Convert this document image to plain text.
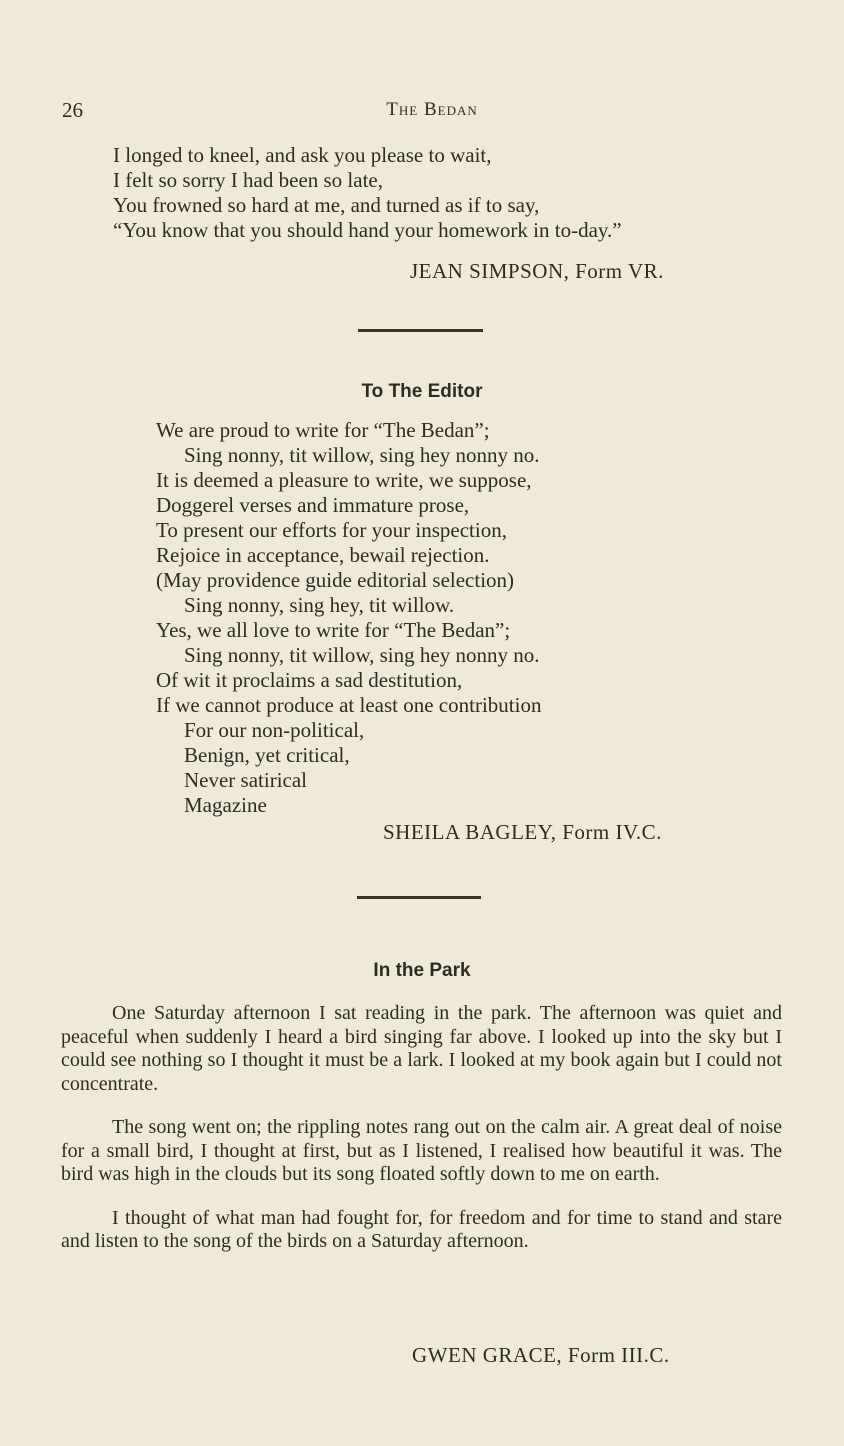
26	The Bedan
I longed to kneel, and ask you please to wait,
I felt so sorry I had been so late,
You frowned so hard at me, and turned as if to say,
“You know that you should hand your homework in to-day.”
JEAN SIMPSON, Form VR.
To The Editor
We are proud to write for “The Bedan”;
Sing nonny, tit willow, sing hey nonny no.
It is deemed a pleasure to write, we suppose,
Doggerel verses and immature prose,
To present our efforts for your inspection,
Rejoice in acceptance, bewail rejection.
(May providence guide editorial selection)
Sing nonny, sing hey, tit willow.
Yes, we all love to write for “The Bedan”;
Sing nonny, tit willow, sing hey nonny no.
Of wit it proclaims a sad destitution,
If we cannot produce at least one contribution
For our non-political,
Benign, yet critical,
Never satirical
Magazine
SHEILA BAGLEY, Form IV.C.
In the Park

One Saturday afternoon I sat reading in the park. The afternoon was quiet and peaceful when suddenly I heard a bird singing far above. I looked up into the sky but I could see nothing so I thought it must be a lark. I looked at my book again but I could not concentrate.

The song went on; the rippling notes rang out on the calm air. A great deal of noise for a small bird, I thought at first, but as I listened, I realised how beautiful it was. The bird was high in the clouds but its song floated softly down to me on earth.

I thought of what man had fought for, for freedom and for time to stand and stare and listen to the song of the birds on a Saturday afternoon.

GWEN GRACE, Form III.C.
